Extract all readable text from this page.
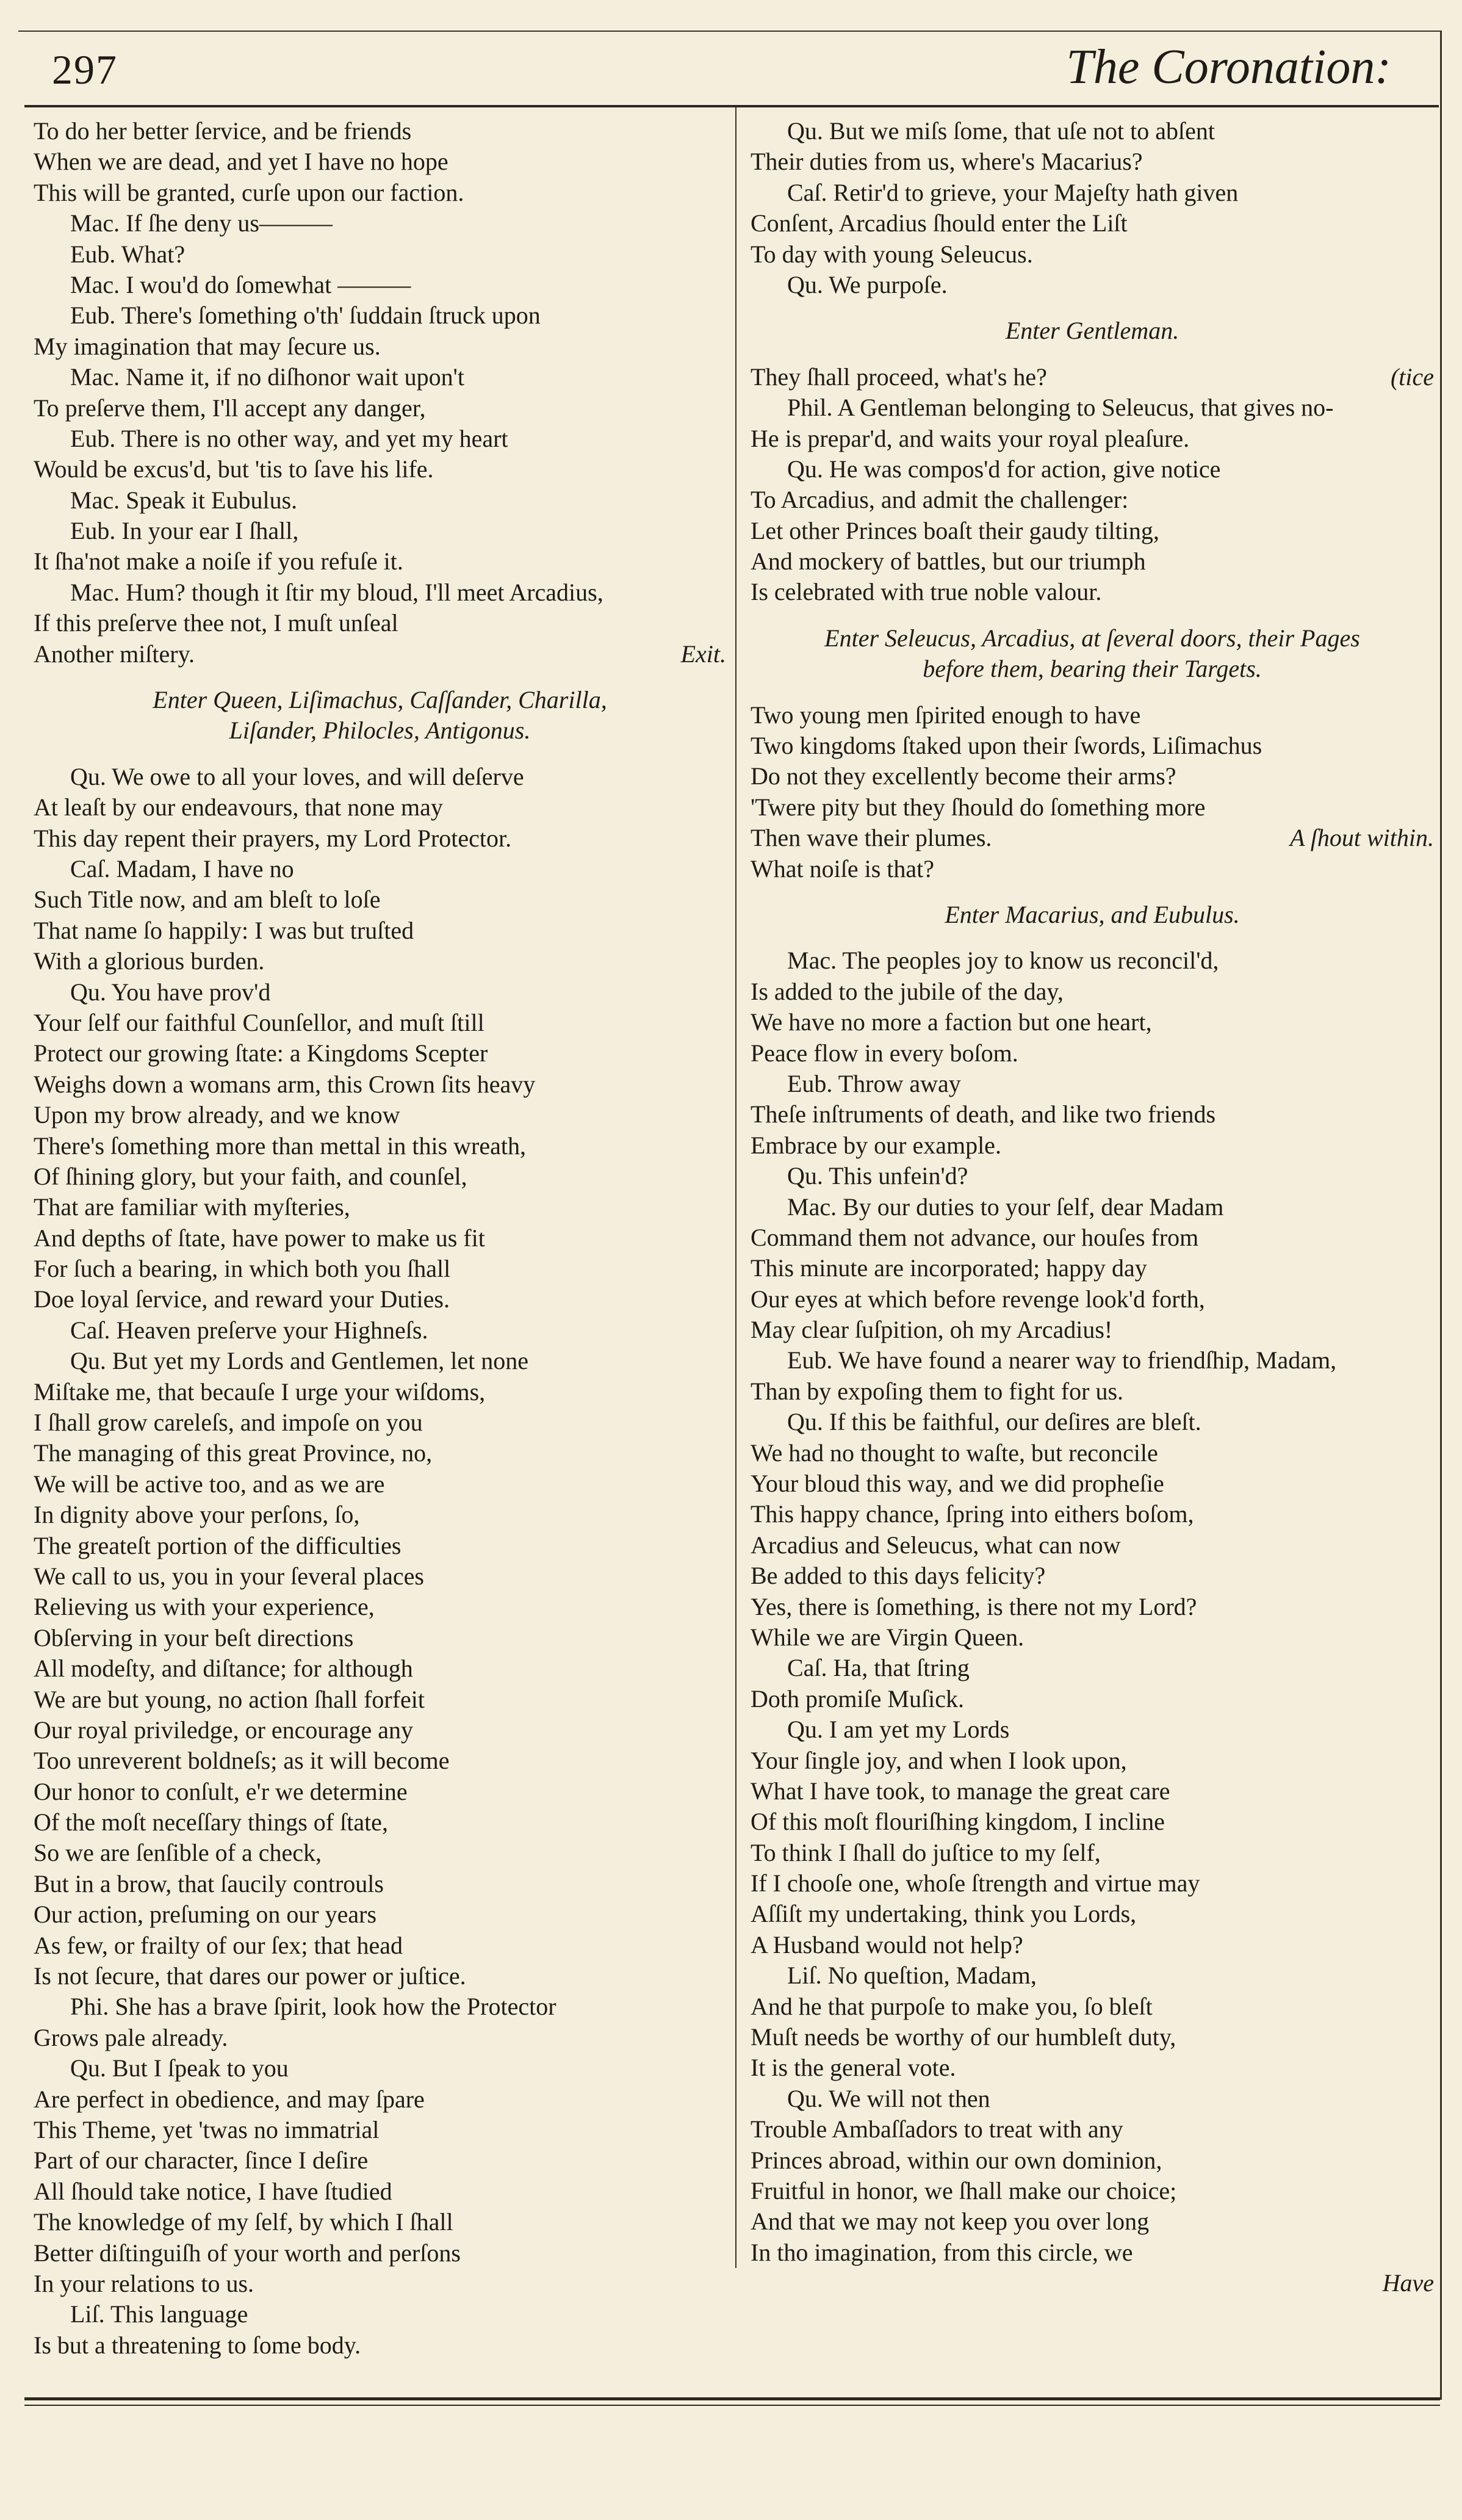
297	The Coronation:
To do her better ſervice, and be friends
When we are dead, and yet I have no hope
This will be granted, curſe upon our faction.
Mac. If ſhe deny us———
Eub. What?
Mac. I wou'd do ſomewhat ———
Eub. There's ſomething o'th' ſuddain ſtruck upon
My imagination that may ſecure us.
Mac. Name it, if no diſhonor wait upon't
To preſerve them, I'll accept any danger,
Eub. There is no other way, and yet my heart
Would be excus'd, but 'tis to ſave his life.
Mac. Speak it Eubulus.
Eub. In your ear I ſhall,
It ſha'not make a noiſe if you refuſe it.
Mac. Hum? though it ſtir my bloud, I'll meet Arcadius,
If this preſerve thee not, I muſt unſeal
Exit.
Another miſtery.
Enter Queen, Liſimachus, Caſſander, Charilla,
Liſander, Philocles, Antigonus.
Qu. We owe to all your loves, and will deſerve
At leaſt by our endeavours, that none may
This day repent their prayers, my Lord Protector.
Caſ. Madam, I have no
Such Title now, and am bleſt to loſe
That name ſo happily: I was but truſted
With a glorious burden.
Qu. You have prov'd
Your ſelf our faithful Counſellor, and muſt ſtill
Protect our growing ſtate: a Kingdoms Scepter
Weighs down a womans arm, this Crown ſits heavy
Upon my brow already, and we know
There's ſomething more than mettal in this wreath,
Of ſhining glory, but your faith, and counſel,
That are familiar with myſteries,
And depths of ſtate, have power to make us fit
For ſuch a bearing, in which both you ſhall
Doe loyal ſervice, and reward your Duties.
Caſ. Heaven preſerve your Highneſs.
Qu. But yet my Lords and Gentlemen, let none
Miſtake me, that becauſe I urge your wiſdoms,
I ſhall grow careleſs, and impoſe on you
The managing of this great Province, no,
We will be active too, and as we are
In dignity above your perſons, ſo,
The greateſt portion of the difficulties
We call to us, you in your ſeveral places
Relieving us with your experience,
Obſerving in your beſt directions
All modeſty, and diſtance; for although
We are but young, no action ſhall forfeit
Our royal priviledge, or encourage any
Too unreverent boldneſs; as it will become
Our honor to conſult, e'r we determine
Of the moſt neceſſary things of ſtate,
So we are ſenſible of a check,
But in a brow, that ſaucily controuls
Our action, preſuming on our years
As few, or frailty of our ſex; that head
Is not ſecure, that dares our power or juſtice.
Phi. She has a brave ſpirit, look how the Protector
Grows pale already.
Qu. But I ſpeak to you
Are perfect in obedience, and may ſpare
This Theme, yet 'twas no immatrial
Part of our character, ſince I deſire
All ſhould take notice, I have ſtudied
The knowledge of my ſelf, by which I ſhall
Better diſtinguiſh of your worth and perſons
In your relations to us.
Liſ. This language
Is but a threatening to ſome body.
Qu. But we miſs ſome, that uſe not to abſent
Their duties from us, where's Macarius?
Caſ. Retir'd to grieve, your Majeſty hath given
Conſent, Arcadius ſhould enter the Liſt
To day with young Seleucus.
Qu. We purpoſe.
Enter Gentleman.
(tice
They ſhall proceed, what's he?
Phil. A Gentleman belonging to Seleucus, that gives no-
He is prepar'd, and waits your royal pleaſure.
Qu. He was compos'd for action, give notice
To Arcadius, and admit the challenger:
Let other Princes boaſt their gaudy tilting,
And mockery of battles, but our triumph
Is celebrated with true noble valour.
Enter Seleucus, Arcadius, at ſeveral doors, their Pages
before them, bearing their Targets.
Two young men ſpirited enough to have
Two kingdoms ſtaked upon their ſwords, Liſimachus
Do not they excellently become their arms?
'Twere pity but they ſhould do ſomething more
A ſhout within.
Then wave their plumes.
What noiſe is that?
Enter Macarius, and Eubulus.
Mac. The peoples joy to know us reconcil'd,
Is added to the jubile of the day,
We have no more a faction but one heart,
Peace flow in every boſom.
Eub. Throw away
Theſe inſtruments of death, and like two friends
Embrace by our example.
Qu. This unfein'd?
Mac. By our duties to your ſelf, dear Madam
Command them not advance, our houſes from
This minute are incorporated; happy day
Our eyes at which before revenge look'd forth,
May clear ſuſpition, oh my Arcadius!
Eub. We have found a nearer way to friendſhip, Madam,
Than by expoſing them to fight for us.
Qu. If this be faithful, our deſires are bleſt.
We had no thought to waſte, but reconcile
Your bloud this way, and we did propheſie
This happy chance, ſpring into eithers boſom,
Arcadius and Seleucus, what can now
Be added to this days felicity?
Yes, there is ſomething, is there not my Lord?
While we are Virgin Queen.
Caſ. Ha, that ſtring
Doth promiſe Muſick.
Qu. I am yet my Lords
Your ſingle joy, and when I look upon,
What I have took, to manage the great care
Of this moſt flouriſhing kingdom, I incline
To think I ſhall do juſtice to my ſelf,
If I chooſe one, whoſe ſtrength and virtue may
Aſſiſt my undertaking, think you Lords,
A Husband would not help?
Liſ. No queſtion, Madam,
And he that purpoſe to make you, ſo bleſt
Muſt needs be worthy of our humbleſt duty,
It is the general vote.
Qu. We will not then
Trouble Ambaſſadors to treat with any
Princes abroad, within our own dominion,
Fruitful in honor, we ſhall make our choice;
And that we may not keep you over long
In tho imagination, from this circle, we
Have
